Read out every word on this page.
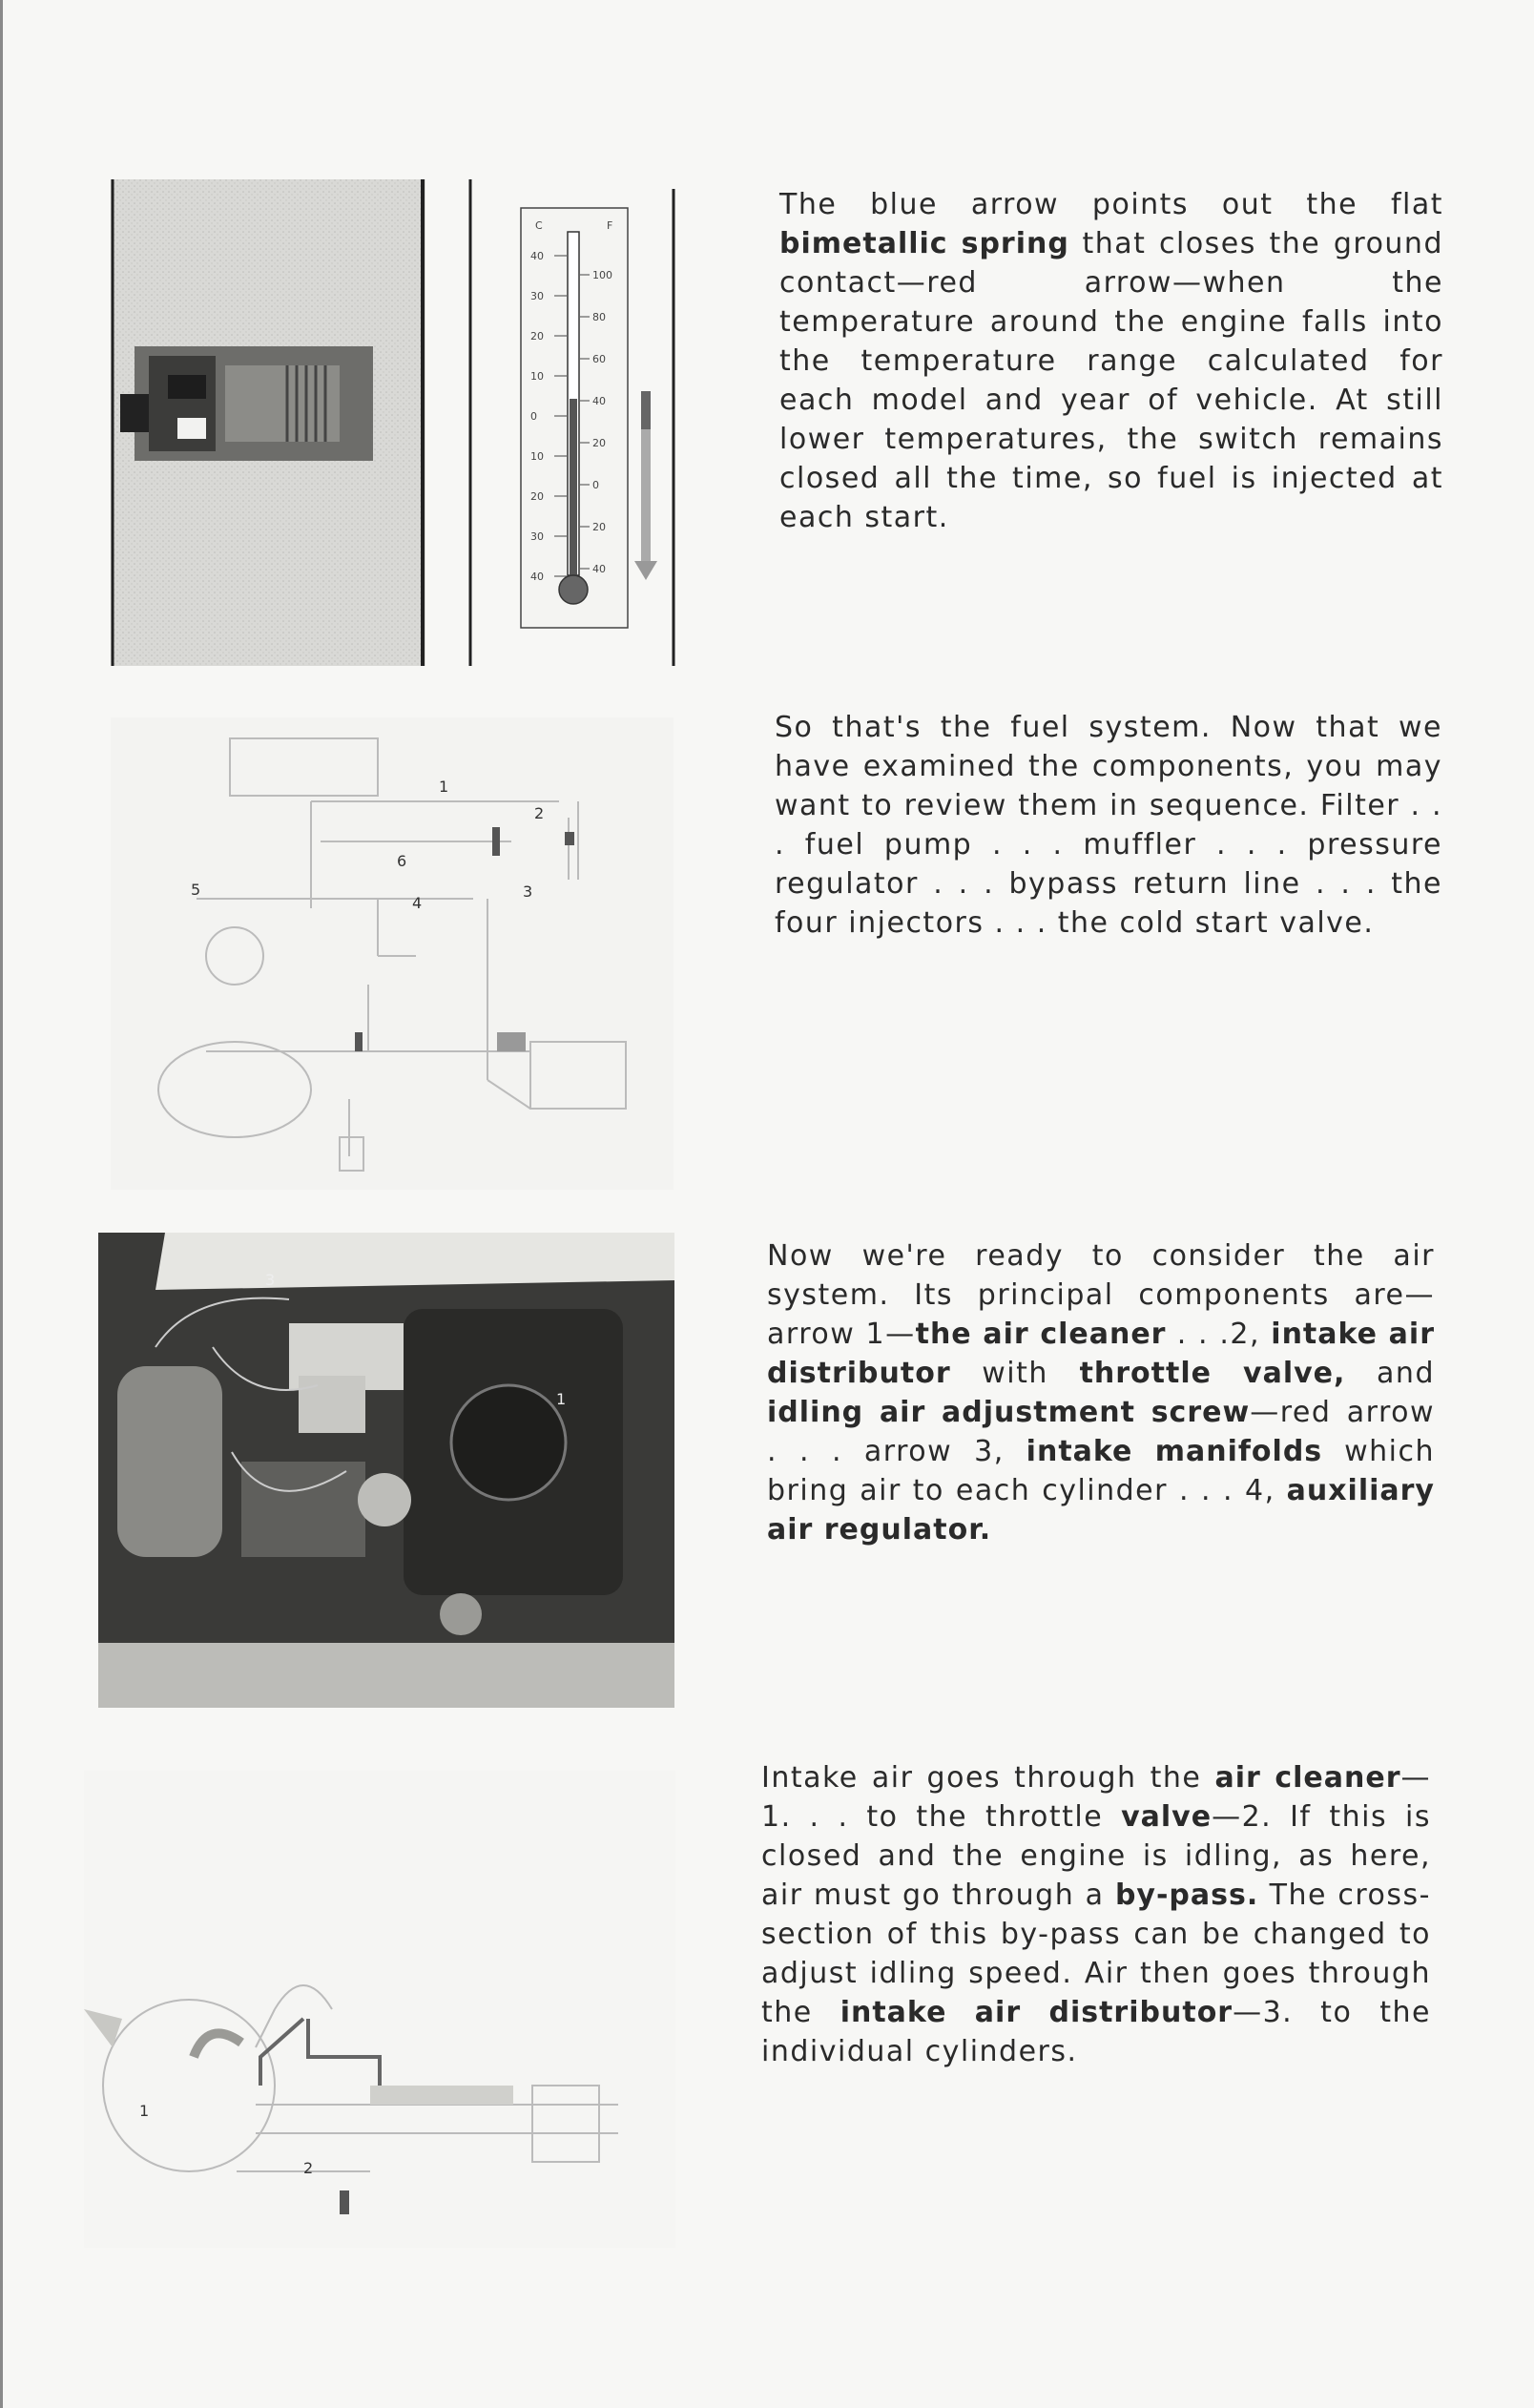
C	F
40
30
20
10
0
10
20
30
40
100
80
60
40
20
0
20
40
1
2
3
4
5
6
3
1
1
2
The blue arrow points out the flat bimetallic spring that closes the ground contact—red arrow—when the temperature around the engine falls into the temperature range calculated for each model and year of vehicle. At still lower temperatures, the switch remains closed all the time, so fuel is injected at each start.
So that's the fuel system. Now that we have examined the components, you may want to review them in sequence. Filter . . . fuel pump . . . muffler . . . pressure regulator . . . bypass return line . . . the four injectors . . . the cold start valve.
Now we're ready to consider the air system. Its principal components are—arrow 1—the air cleaner . . .2, intake air distributor with throttle valve, and idling air adjustment screw—red arrow . . . arrow 3, intake manifolds which bring air to each cylinder . . . 4, auxiliary air regulator.
Intake air goes through the air cleaner—1. . . to the throttle valve—2. If this is closed and the engine is idling, as here, air must go through a by-pass. The cross-section of this by-pass can be changed to adjust idling speed. Air then goes through the intake air distributor—3. to the individual cylinders.
